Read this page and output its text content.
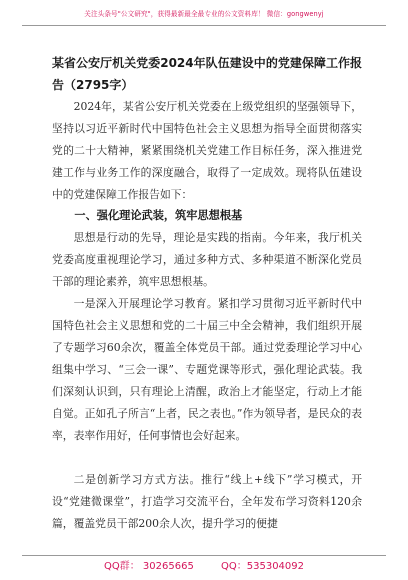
关注头条号"公文研究"，获得最新最全最专业的公文资料库！ 微信：gongwenyj
某省公安厅机关党委2024年队伍建设中的党建保障工作报告（2795字）

2024年，某省公安厅机关党委在上级党组织的坚强领导下，坚持以习近平新时代中国特色社会主义思想为指导全面贯彻落实党的二十大精神，紧紧围绕机关党建工作目标任务，深入推进党建工作与业务工作的深度融合，取得了一定成效。现将队伍建设中的党建保障工作报告如下：

一、强化理论武装，筑牢思想根基

思想是行动的先导，理论是实践的指南。今年来，我厅机关党委高度重视理论学习，通过多种方式、多种渠道不断深化党员干部的理论素养，筑牢思想根基。

一是深入开展理论学习教育。紧扣学习贯彻习近平新时代中国特色社会主义思想和党的二十届三中全会精神，我们组织开展了专题学习60余次，覆盖全体党员干部。通过党委理论学习中心组集中学习、“三会一课”、专题党课等形式，强化理论武装。我们深刻认识到，只有理论上清醒，政治上才能坚定，行动上才能自觉。正如孔子所言“上者，民之表也。”作为领导者，是民众的表率，表率作用好，任何事情也会好起来。

二是创新学习方式方法。推行“线上+线下”学习模式，开设“党建微课堂”，打造学习交流平台，全年发布学习资料120余篇，覆盖党员干部200余人次，提升学习的便捷

QQ群： 30265665	QQ：535304092
